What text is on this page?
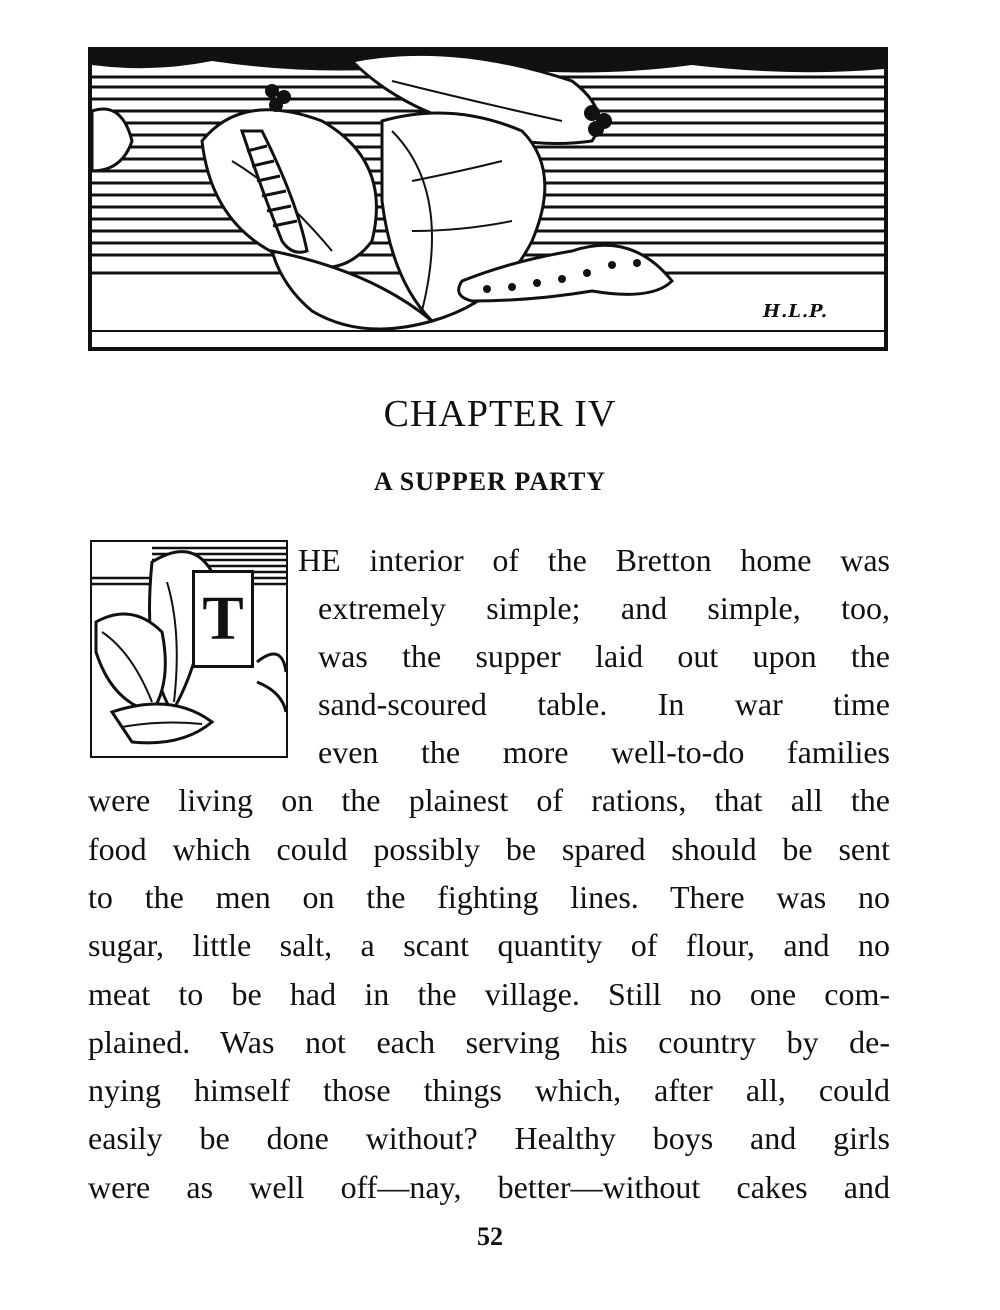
H.L.P.
CHAPTER IV
A SUPPER PARTY
T
HE interior of the Bretton home was
extremely simple; and simple, too,
was the supper laid out upon the
sand-scoured table. In war time
even the more well-to-do families
were living on the plainest of rations, that all the
food which could possibly be spared should be sent
to the men on the fighting lines. There was no
sugar, little salt, a scant quantity of flour, and no
meat to be had in the village. Still no one com-
plained. Was not each serving his country by de-
nying himself those things which, after all, could
easily be done without? Healthy boys and girls
were as well off—nay, better—without cakes and
52
